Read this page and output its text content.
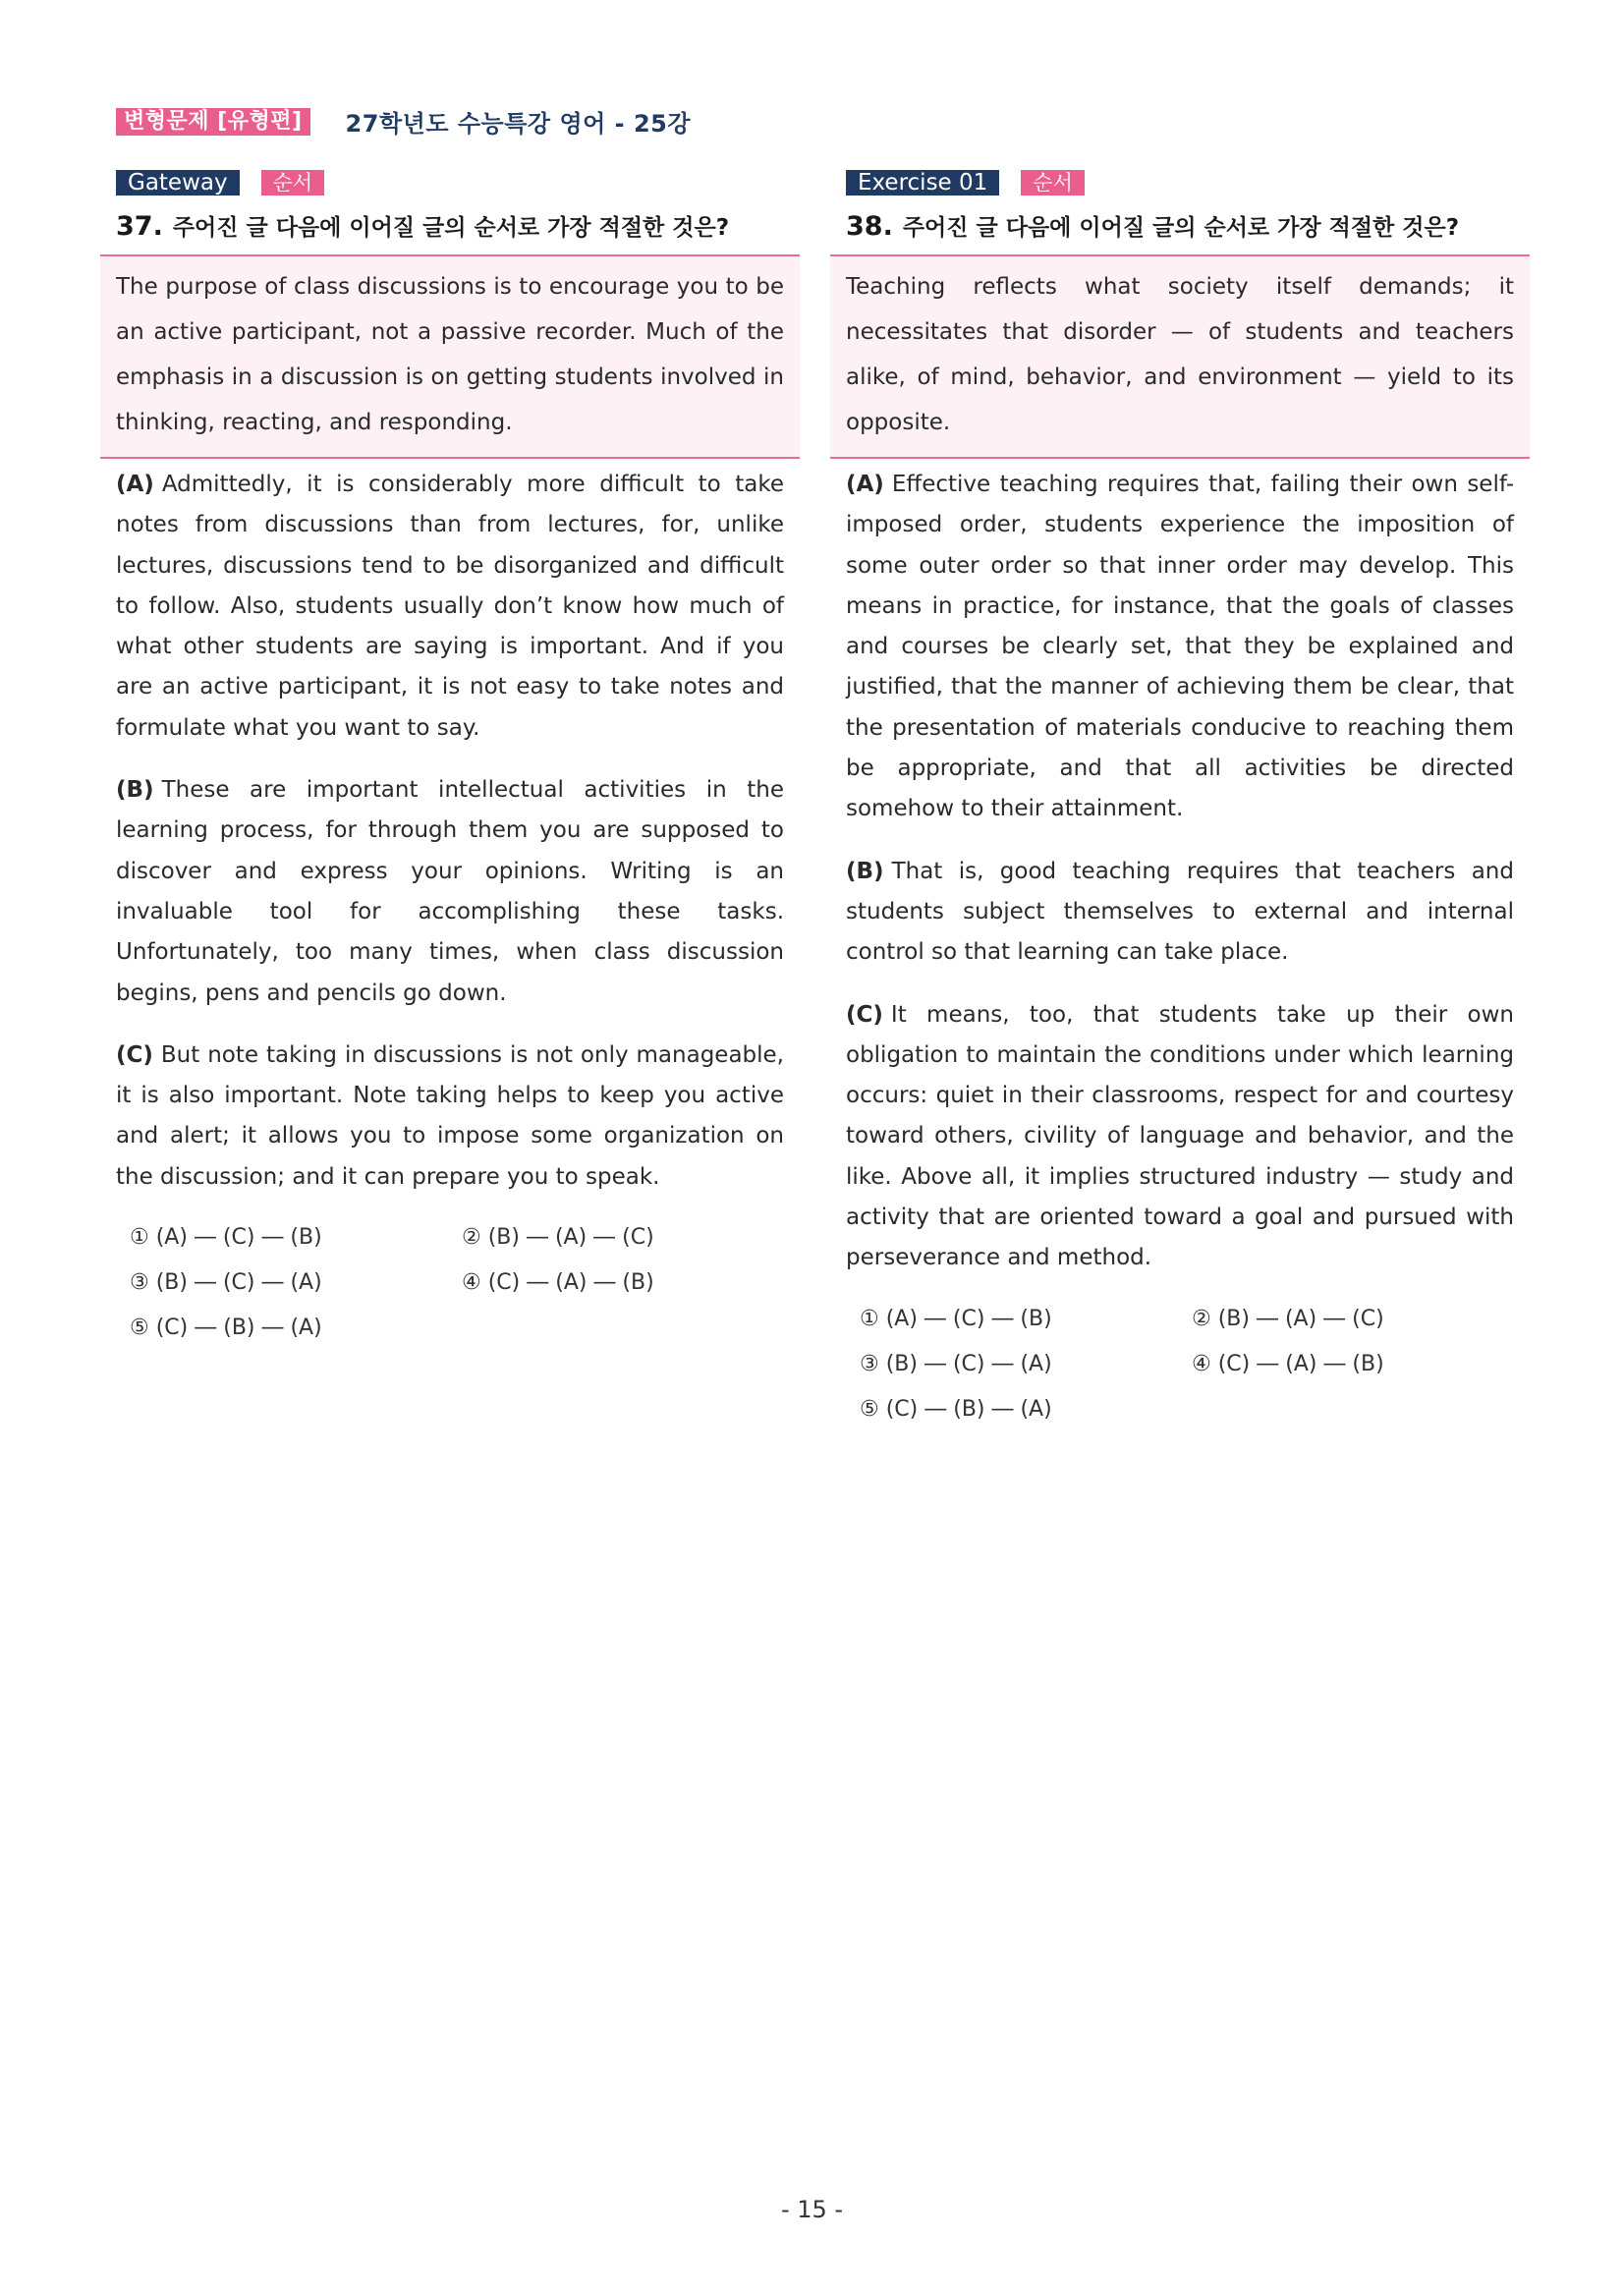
변형문제 [유형편]	27학년도 수능특강 영어 - 25강
Gateway	순서
37. 주어진 글 다음에 이어질 글의 순서로 가장 적절한 것은?
The purpose of class discussions is to encourage you to be an active participant, not a passive recorder. Much of the emphasis in a discussion is on getting students involved in thinking, reacting, and responding.

(A) Admittedly, it is considerably more difficult to take notes from discussions than from lectures, for, unlike lectures, discussions tend to be disorganized and difficult to follow. Also, students usually don’t know how much of what other students are saying is important. And if you are an active participant, it is not easy to take notes and formulate what you want to say.

(B) These are important intellectual activities in the learning process, for through them you are supposed to discover and express your opinions. Writing is an invaluable tool for accomplishing these tasks. Unfortunately, too many times, when class discussion begins, pens and pencils go down.

(C) But note taking in discussions is not only manageable, it is also important. Note taking helps to keep you active and alert; it allows you to impose some organization on the discussion; and it can prepare you to speak.

① (A) ― (C) ― (B)	② (B) ― (A) ― (C)
③ (B) ― (C) ― (A)	④ (C) ― (A) ― (B)
⑤ (C) ― (B) ― (A)
Exercise 01	순서
38. 주어진 글 다음에 이어질 글의 순서로 가장 적절한 것은?
Teaching reflects what society itself demands; it necessitates that disorder — of students and teachers alike, of mind, behavior, and environment — yield to its opposite.

(A) Effective teaching requires that, failing their own self-imposed order, students experience the imposition of some outer order so that inner order may develop. This means in practice, for instance, that the goals of classes and courses be clearly set, that they be explained and justified, that the manner of achieving them be clear, that the presentation of materials conducive to reaching them be appropriate, and that all activities be directed somehow to their attainment.

(B) That is, good teaching requires that teachers and students subject themselves to external and internal control so that learning can take place.

(C) It means, too, that students take up their own obligation to maintain the conditions under which learning occurs: quiet in their classrooms, respect for and courtesy toward others, civility of language and behavior, and the like. Above all, it implies structured industry — study and activity that are oriented toward a goal and pursued with perseverance and method.

① (A) ― (C) ― (B)	② (B) ― (A) ― (C)
③ (B) ― (C) ― (A)	④ (C) ― (A) ― (B)
⑤ (C) ― (B) ― (A)
- 15 -
